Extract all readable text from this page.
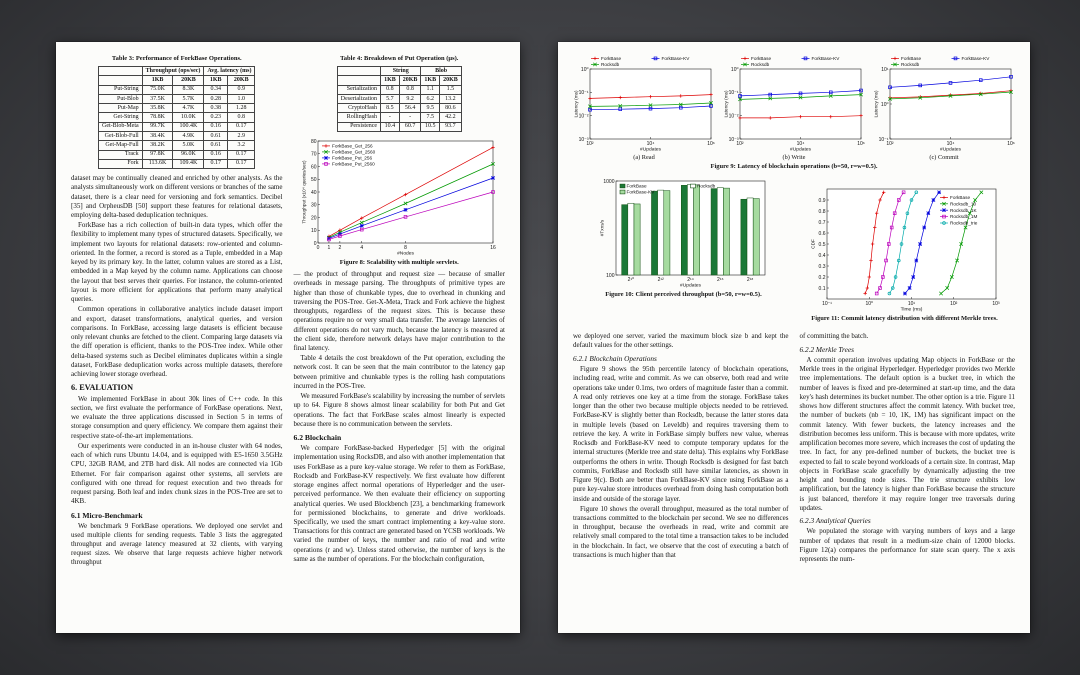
Table 3: Performance of ForkBase Operations.
	Throughput (ops/sec)		Avg. latency (ms)	
	1KB	20KB	1KB	20KB
Put-String	75.0K	8.3K	0.34	0.9
Put-Blob	37.5K	5.7K	0.28	1.0
Put-Map	35.8K	4.7K	0.38	1.28
Get-String	78.8K	10.0K	0.23	0.8
Get-Blob-Meta	99.7K	100.4K	0.16	0.17
Get-Blob-Full	38.4K	4.9K	0.61	2.9
Get-Map-Full	38.2K	5.0K	0.61	3.2
Track	97.8K	96.0K	0.16	0.17
Fork	113.6K	109.4K	0.17	0.17

dataset may be continually cleaned and enriched by other analysts. As the analysts simultaneously work on different versions or branches of the same dataset, there is a clear need for versioning and fork semantics. Decibel [35] and OrpheusDB [50] support these features for relational datasets, employing delta-based deduplication techniques.

ForkBase has a rich collection of built-in data types, which offer the flexibility to implement many types of structured datasets. Specifically, we implement two layouts for relational datasets: row-oriented and column-oriented. In the former, a record is stored as a Tuple, embedded in a Map keyed by its primary key. In the latter, column values are stored as a List, embedded in a Map keyed by the column name. Applications can choose the layout that best serves their queries. For instance, the column-oriented layout is more efficient for applications that perform many analytical queries.

Common operations in collaborative analytics include dataset import and export, dataset transformations, analytical queries, and version comparisons. In ForkBase, accessing large datasets is efficient because only relevant chunks are fetched to the client. Comparing large datasets via the diff operation is efficient, thanks to the POS-Tree index. While other delta-based systems such as Decibel eliminates duplicates within a single dataset, ForkBase deduplication works across multiple datasets, therefore achieving lower storage overhead.

6. EVALUATION

We implemented ForkBase in about 30k lines of C++ code. In this section, we first evaluate the performance of ForkBase operations. Next, we evaluate the three applications discussed in Section 5 in terms of storage consumption and query efficiency. We compare them against their respective state-of-the-art implementations.

Our experiments were conducted in an in-house cluster with 64 nodes, each of which runs Ubuntu 14.04, and is equipped with E5-1650 3.5GHz CPU, 32GB RAM, and 2TB hard disk. All nodes are connected via 1Gb Ethernet. For fair comparison against other systems, all servlets are configured with one thread for request execution and two threads for request parsing. Both leaf and index chunk sizes in the POS-Tree are set to 4KB.

6.1 Micro-Benchmark

We benchmark 9 ForkBase operations. We deployed one servlet and used multiple clients for sending requests. Table 3 lists the aggregated throughput and average latency measured at 32 clients, with varying request sizes. We observe that large requests achieve higher network throughput

Table 4: Breakdown of Put Operation (μs).
	String		Blob	
	1KB	20KB	1KB	20KB
Serialization	0.8	0.8	1.1	1.5
Deserialization	5.7	9.2	6.2	13.2
CryptoHash	8.5	56.4	9.5	80.6
RollingHash	-	-	7.5	42.2
Persistence	10.4	60.7	10.5	93.7
0 1 2	4	8	16
0
10
20
30
40
50
60
70
80
#Nodes
Throughput (x10⁴ queries/sec)
ForkBase_Get_256
ForkBase_Get_2560
ForkBase_Put_256
ForkBase_Put_2560
Figure 8: Scalability with multiple servlets.

— the product of throughput and request size — because of smaller overheads in message parsing. The throughputs of primitive types are higher than those of chunkable types, due to overhead in chunking and traversing the POS-Tree. Get-X-Meta, Track and Fork achieve the highest throughputs, regardless of the request sizes. This is because these operations require no or very small data transfer. The average latencies of different operations do not vary much, because the latency is measured at the client side, therefore network delays have major contribution to the final latency.

Table 4 details the cost breakdown of the Put operation, excluding the network cost. It can be seen that the main contributor to the latency gap between primitive and chunkable types is the rolling hash computations incurred in the POS-Tree.

We measured ForkBase's scalability by increasing the number of servlets up to 64. Figure 8 shows almost linear scalability for both Put and Get operations. The fact that ForkBase scales almost linearly is expected because there is no communication between the servlets.

6.2 Blockchain

We compare ForkBase-backed Hyperledger [5] with the original implementation using RocksDB, and also with another implementation that uses ForkBase as a pure key-value storage. We refer to them as ForkBase, Rocksdb and ForkBase-KV respectively. We first evaluate how different storage engines affect normal operations of Hyperledger and the user-perceived performance. We then evaluate their efficiency on supporting analytical queries. We used Blockbench [23], a benchmarking framework for permissioned blockchains, to generate and drive workloads. Specifically, we used the smart contract implementing a key-value store. Transactions for this contract are generated based on YCSB workloads. We varied the number of keys, the number and ratio of read and write operations (r and w). Unless stated otherwise, the number of keys is the same as the number of operations. For the blockchain configuration,

10²	10⁴	10⁶
10⁻³
10⁻²
10⁻¹
10⁰
#Updates
Latency (ms)
ForkBase	ForkBase-KV
Rocksdb
(a) Read
10²	10⁴	10⁶
10⁻³
10⁻²
10⁻¹
10⁰
#Updates
Latency (ms)
ForkBase	ForkBase-KV
Rocksdb
(b) Write
10²	10⁴	10⁶
10⁻¹
10⁰
10¹
#Updates
Latency (ms)
ForkBase	ForkBase-KV
Rocksdb
(c) Commit
Figure 9: Latency of blockchain operations (b=50, r=w=0.5).
100
1000
#Updates
#Txns/s
2¹⁰	2¹²	2¹⁴	2¹⁶	2¹⁸
ForkBase	Rocksdb
ForkBase-KV
Figure 10: Client perceived throughput (b=50, r=w=0.5).
10⁻¹	10⁰	10¹	10²	10³
0.1
0.2
0.3
0.4
0.5
0.6
0.7
0.8
0.9
Time (ms)
CDF
ForkBase
Rocksdb_10
Rocksdb_1K
Rocksdb_1M
Rocksdb_trie
Figure 11: Commit latency distribution with different Merkle trees.

we deployed one server, varied the maximum block size b and kept the default values for the other settings.

6.2.1 Blockchain Operations

Figure 9 shows the 95th percentile latency of blockchain operations, including read, write and commit. As we can observe, both read and write operations take under 0.1ms, two orders of magnitude faster than a commit. A read only retrieves one key at a time from the storage. ForkBase takes longer than the other two because multiple objects needed to be retrieved. ForkBase-KV is slightly better than Rocksdb, because the latter stores data in multiple levels (based on Leveldb) and requires traversing them to retrieve the key. A write in ForkBase simply buffers new value, whereas Rocksdb and ForkBase-KV need to compute temporary updates for the internal structures (Merkle tree and state delta). This explains why ForkBase outperforms the others in write. Though Rocksdb is designed for fast batch commits, ForkBase and Rocksdb still have similar latencies, as shown in Figure 9(c). Both are better than ForkBase-KV since using ForkBase as a pure key-value store introduces overhead from doing hash computation both inside and outside of the storage layer.

Figure 10 shows the overall throughput, measured as the total number of transactions committed to the blockchain per second. We see no differences in throughput, because the overheads in read, write and commit are relatively small compared to the total time a transaction takes to be included in the blockchain. In fact, we observe that the cost of executing a batch of transactions is much higher than that

of committing the batch.

6.2.2 Merkle Trees

A commit operation involves updating Map objects in ForkBase or the Merkle trees in the original Hyperledger. Hyperledger provides two Merkle tree implementations. The default option is a bucket tree, in which the number of leaves is fixed and pre-determined at start-up time, and the data key's hash determines its bucket number. The other option is a trie. Figure 11 shows how different structures affect the commit latency. With bucket tree, the number of buckets (nb = 10, 1K, 1M) has significant impact on the commit latency. With fewer buckets, the latency increases and the distribution becomes less uniform. This is because with more updates, write amplification becomes more severe, which increases the cost of updating the tree. In fact, for any pre-defined number of buckets, the bucket tree is expected to fail to scale beyond workloads of a certain size. In contrast, Map objects in ForkBase scale gracefully by dynamically adjusting the tree height and bounding node sizes. The trie structure exhibits low amplification, but the latency is higher than ForkBase because the structure is just balanced, therefore it may require longer tree traversals during updates.

6.2.3 Analytical Queries

We populated the storage with varying numbers of keys and a large number of updates that result in a medium-size chain of 12000 blocks. Figure 12(a) compares the performance for state scan query. The x axis represents the num-
